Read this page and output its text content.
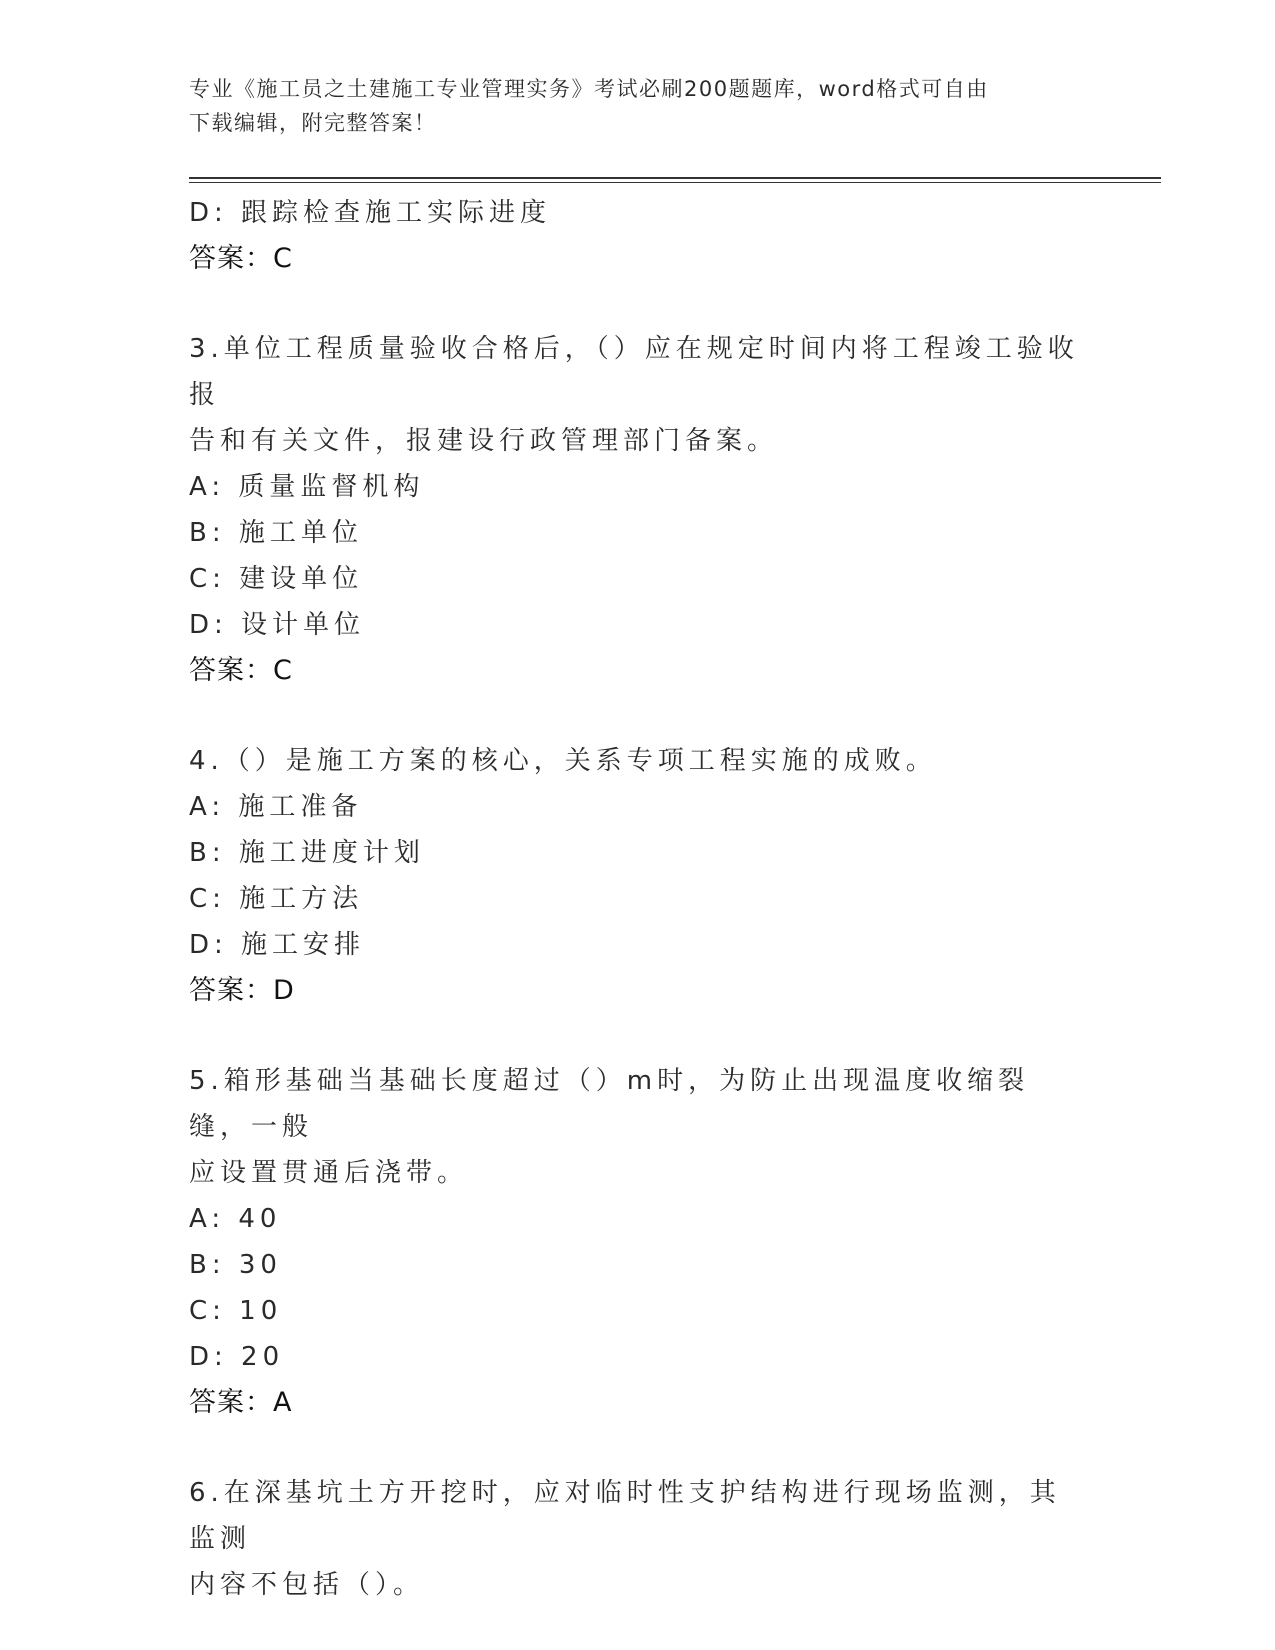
专业《施工员之土建施工专业管理实务》考试必刷200题题库，word格式可自由
下载编辑，附完整答案！
D: 跟踪检查施工实际进度
答案：C
3.单位工程质量验收合格后，（）应在规定时间内将工程竣工验收报
告和有关文件，报建设行政管理部门备案。
A: 质量监督机构
B: 施工单位
C: 建设单位
D: 设计单位
答案：C
4.（）是施工方案的核心，关系专项工程实施的成败。
A: 施工准备
B: 施工进度计划
C: 施工方法
D: 施工安排
答案：D
5.箱形基础当基础长度超过（）m时，为防止出现温度收缩裂缝，一般
应设置贯通后浇带。
A: 40
B: 30
C: 10
D: 20
答案：A
6.在深基坑土方开挖时，应对临时性支护结构进行现场监测，其监测
内容不包括（）。
